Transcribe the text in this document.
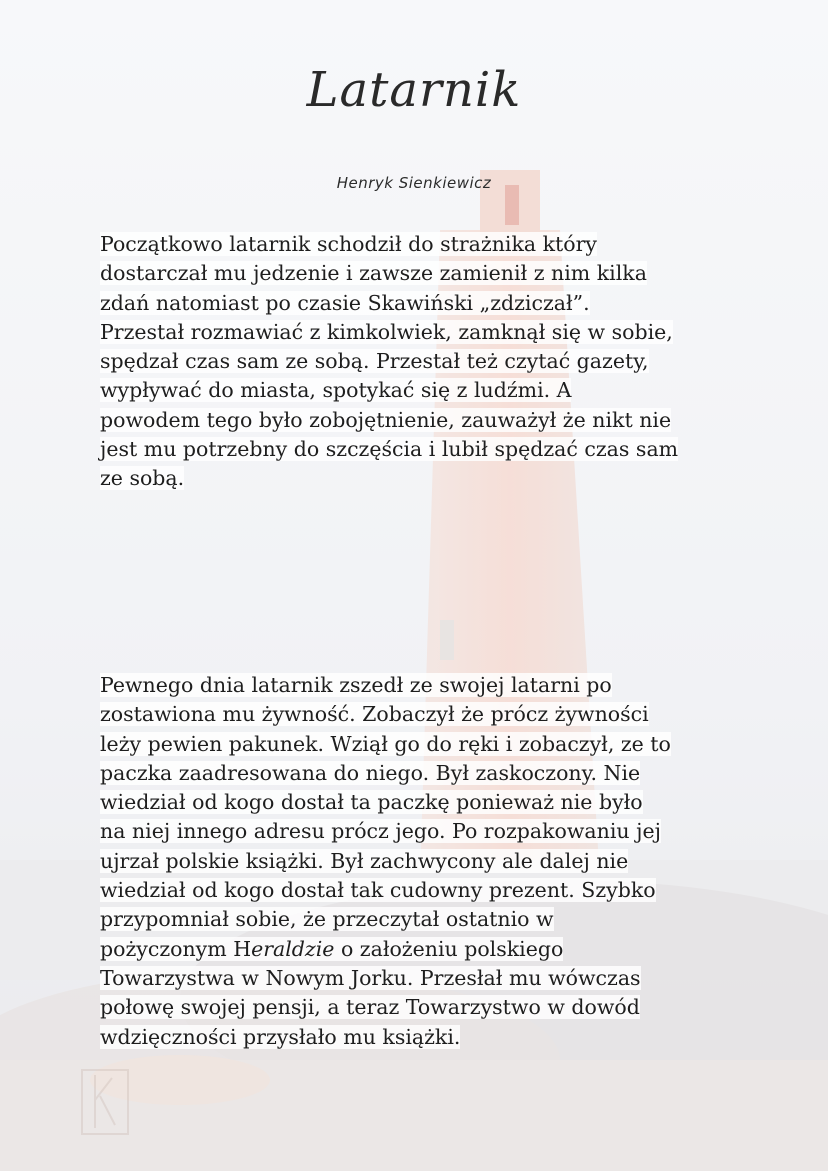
Latarnik
Henryk Sienkiewicz
Początkowo latarnik schodził do strażnika który
dostarczał mu jedzenie i zawsze zamienił z nim kilka
zdań natomiast po czasie Skawiński „zdziczał”.
Przestał rozmawiać z kimkolwiek, zamknął się w sobie,
spędzał czas sam ze sobą. Przestał też czytać gazety,
wypływać do miasta, spotykać się z ludźmi. A
powodem tego było zobojętnienie, zauważył że nikt nie
jest mu potrzebny do szczęścia i lubił spędzać czas sam
ze sobą.
Pewnego dnia latarnik zszedł ze swojej latarni po
zostawiona mu żywność. Zobaczył że prócz żywności
leży pewien pakunek. Wziął go do ręki i zobaczył, ze to
paczka zaadresowana do niego. Był zaskoczony. Nie
wiedział od kogo dostał ta paczkę ponieważ nie było
na niej innego adresu prócz jego. Po rozpakowaniu jej
ujrzał polskie książki. Był zachwycony ale dalej nie
wiedział od kogo dostał tak cudowny prezent. Szybko
przypomniał sobie, że przeczytał ostatnio w
pożyczonym Heraldzie o założeniu polskiego
Towarzystwa w Nowym Jorku. Przesłał mu wówczas
połowę swojej pensji, a teraz Towarzystwo w dowód
wdzięczności przysłało mu książki.
